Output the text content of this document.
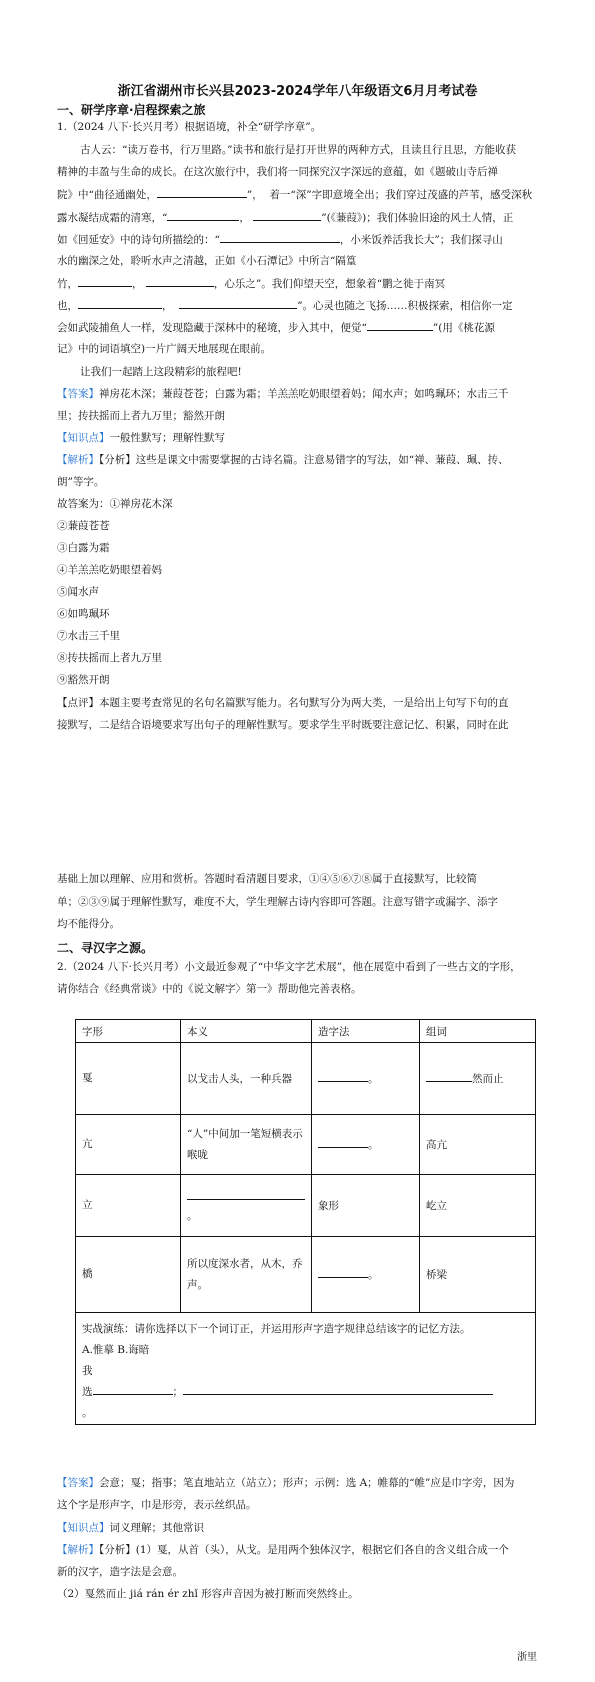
浙江省湖州市长兴县2023-2024学年八年级语文6月月考试卷
一、研学序章·启程探索之旅
1.（2024 八下·长兴月考）根据语境，补全“研学序章”。
古人云：“读万卷书，行万里路。”读书和旅行是打开世界的两种方式，且读且行且思，方能收获
精神的丰盈与生命的成长。在这次旅行中，我们将一同探究汉字深远的意蕴，如《题破山寺后禅
院》中“曲径通幽处，	”， 着一“深”字即意境全出；我们穿过茂盛的芦苇，感受深秋
露水凝结成霜的清寒，“	，	”(《蒹葭》)；我们体验旧途的风土人情，正
如《回延安》中的诗句所描绘的：“	，小米饭养活我长大”；我们探寻山
水的幽深之处，聆听水声之清越，正如《小石潭记》中所言“隔篁
竹，	，	，心乐之”。我们仰望天空，想象着“鹏之徙于南冥
也，	，	”。心灵也随之飞扬……积极探索，相信你一定
会如武陵捕鱼人一样，发现隐藏于深林中的秘境，步入其中，便觉“	”(用《桃花源
记》中的词语填空)一片广阔天地展现在眼前。
让我们一起踏上这段精彩的旅程吧!
【答案】禅房花木深；蒹葭苍苍；白露为霜；羊羔羔吃奶眼望着妈；闻水声；如鸣珮环；水击三千
里；抟扶摇而上者九万里；豁然开朗
【知识点】一般性默写；理解性默写
【解析】【分析】这些是课文中需要掌握的古诗名篇。注意易错字的写法，如“禅、蒹葭、珮、抟、
朗”等字。
故答案为：①禅房花木深
②蒹葭苍苍
③白露为霜
④羊羔羔吃奶眼望着妈
⑤闻水声
⑥如鸣珮环
⑦水击三千里
⑧抟扶摇而上者九万里
⑨豁然开朗
【点评】本题主要考查常见的名句名篇默写能力。名句默写分为两大类，一是给出上句写下句的直
接默写，二是结合语境要求写出句子的理解性默写。要求学生平时既要注意记忆、积累，同时在此
基础上加以理解、应用和赏析。答题时看清题目要求，①④⑤⑥⑦⑧属于直接默写，比较简
单；②③⑨属于理解性默写，难度不大，学生理解古诗内容即可答题。注意写错字或漏字、添字
均不能得分。
二、寻汉字之源。
2.（2024 八下·长兴月考）小文最近参观了“中华文字艺术展”，他在展览中看到了一些古文的字形，
请你结合《经典常谈》中的《说文解字〉第一》帮助他完善表格。
字形	本义	造字法	组词
戛	以戈击人头，一种兵器	。	然而止
亢	“人”中间加一笔短横表示喉咙	。	高亢
立	。	象形	屹立
橋	所以度深水者，从木，乔声。	。	桥梁

实战演练：请你选择以下一个词订正，并运用形声字造字规律总结该字的记忆方法。
A.惟摹 B.诲暗
我
选 ；
。			
【答案】会意；戛；指事；笔直地站立（站立）；形声；示例：选 A；帷幕的“帷”应是巾字旁，因为
这个字是形声字，巾是形旁，表示丝织品。
【知识点】词义理解；其他常识
【解析】【分析】(1）戛，从首（头），从戈。是用两个独体汉字，根据它们各自的含义组合成一个
新的汉字，造字法是会意。
（2）戛然而止 jiá rán ér zhǐ 形容声音因为被打断而突然终止。
浙里
